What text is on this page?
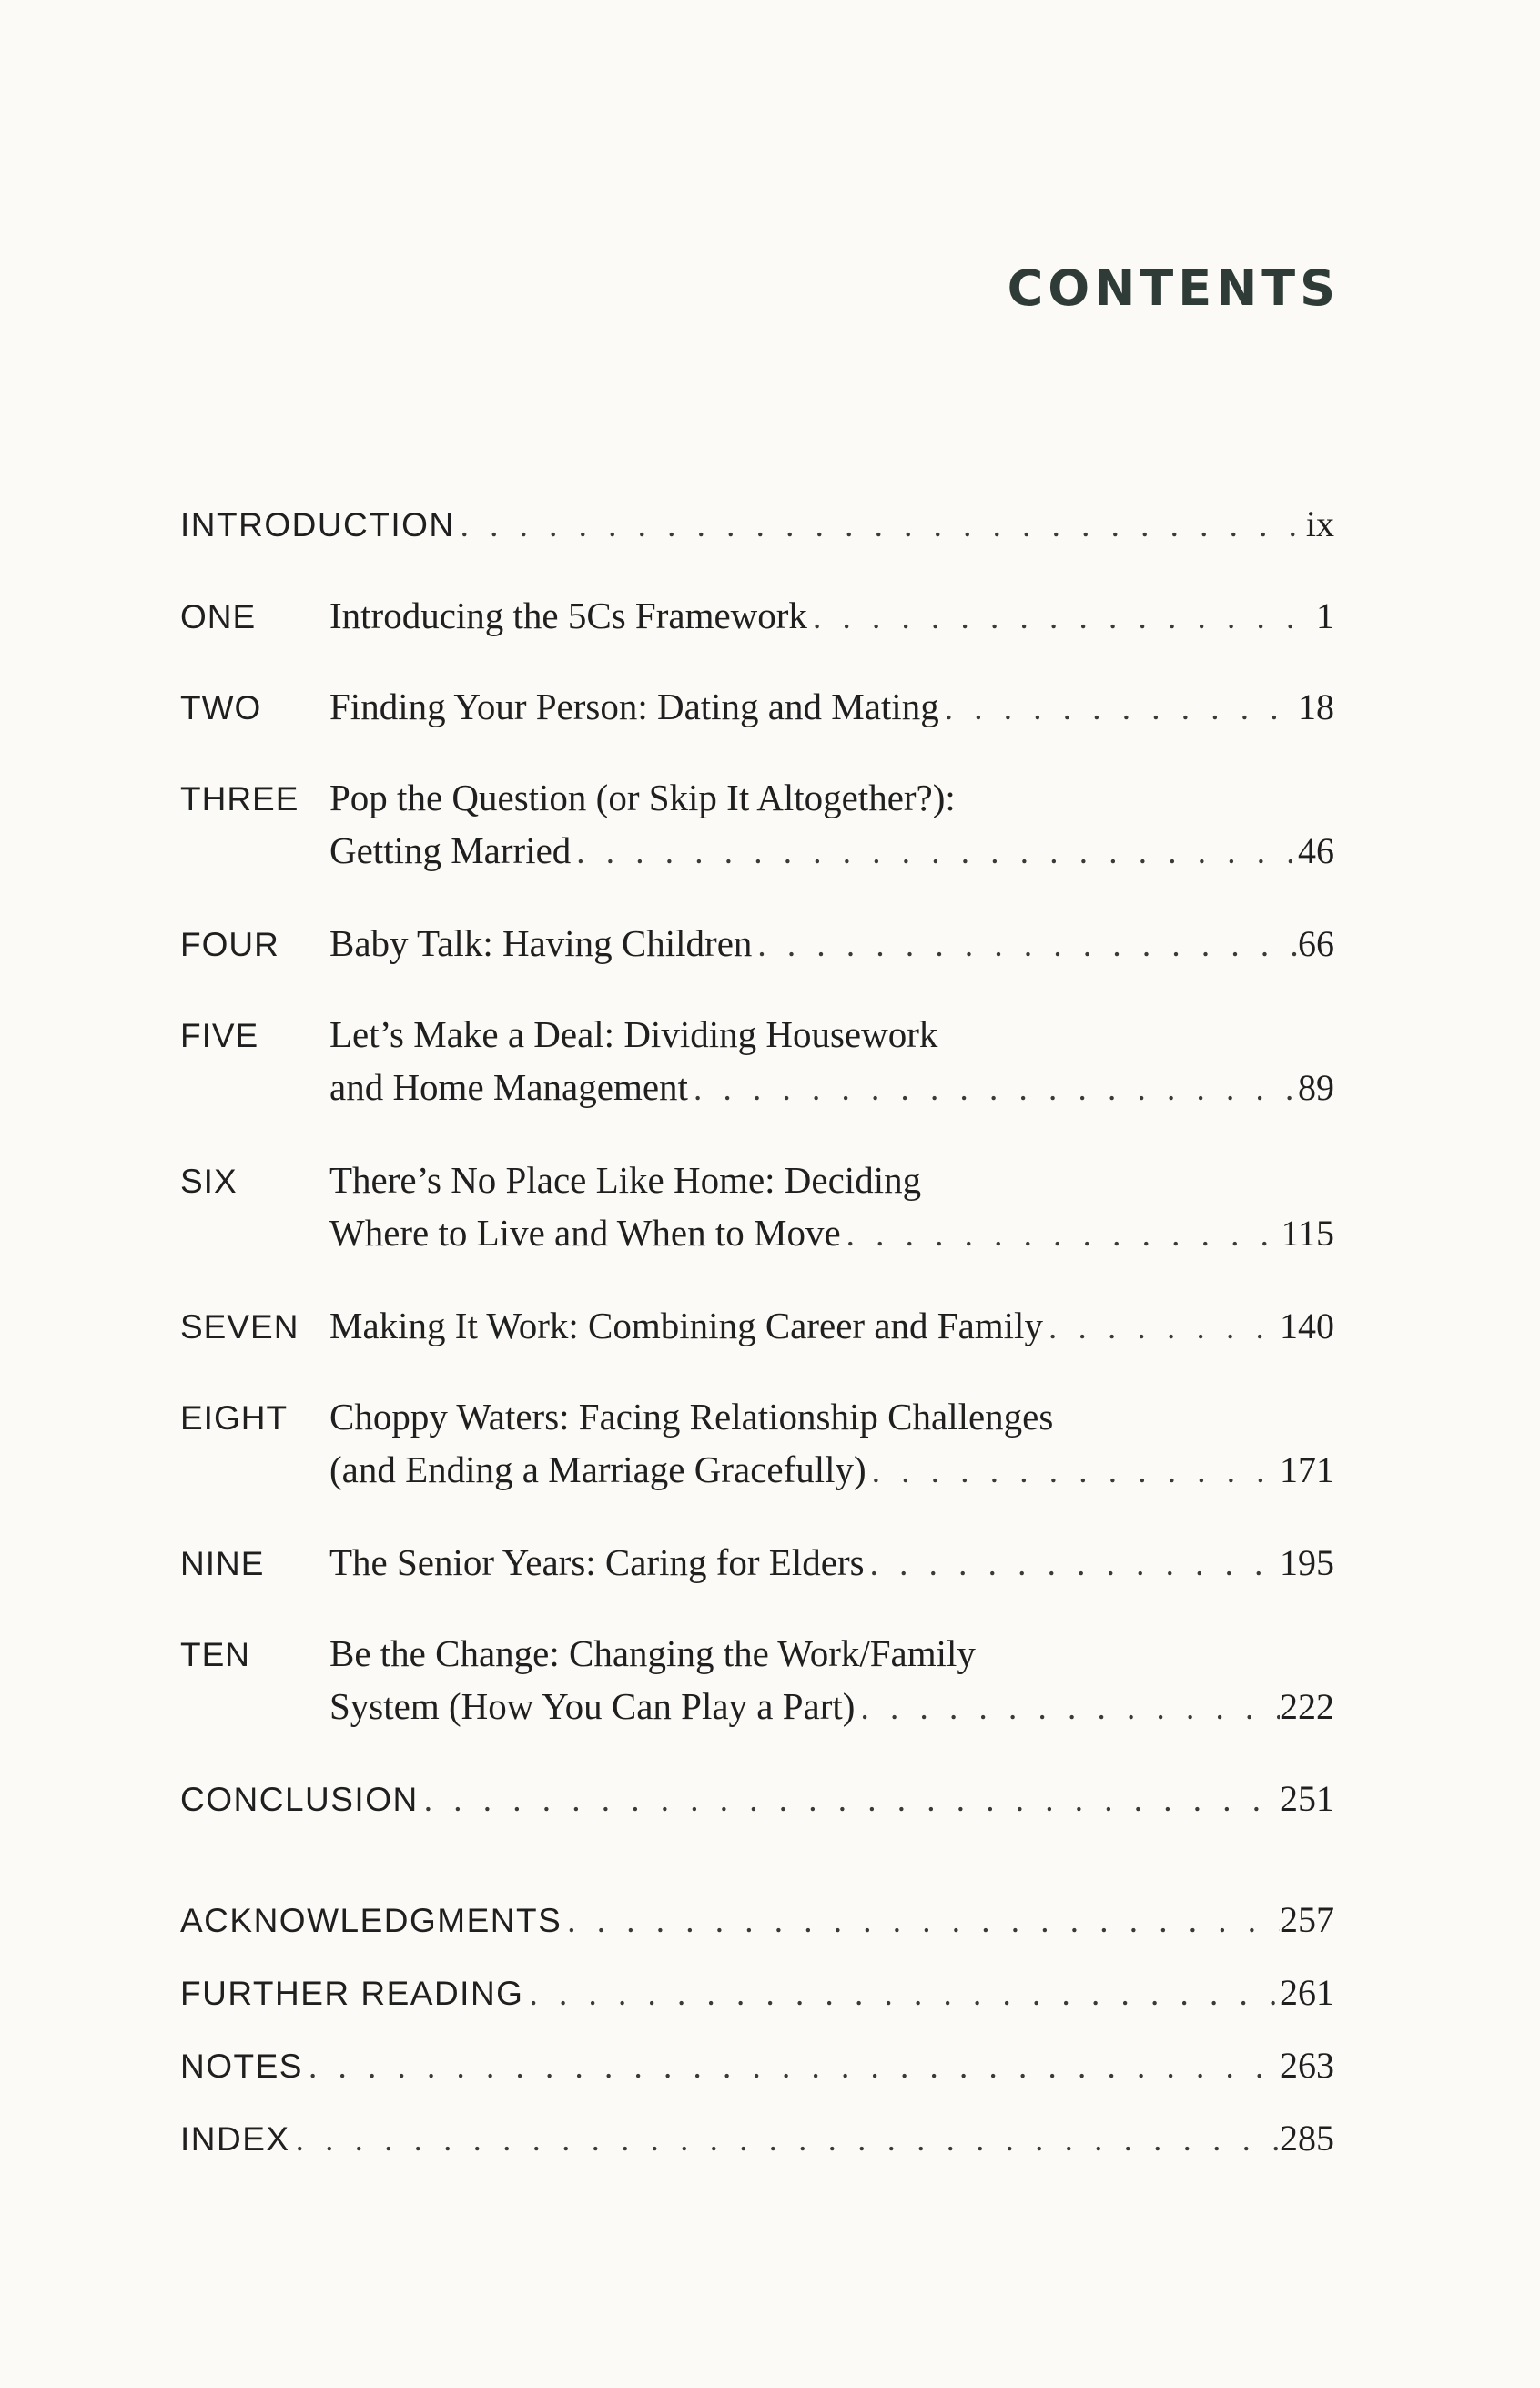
CONTENTS
INTRODUCTION . . .	ix
ONE	Introducing the 5Cs Framework . . .	1
TWO	Finding Your Person: Dating and Mating . . .	18
THREE Pop the Question (or Skip It Altogether?):
Getting Married . . .	46
FOUR	Baby Talk: Having Children . . .	66
FIVE	Let’s Make a Deal: Dividing Housework
and Home Management . . .	89
SIX	There’s No Place Like Home: Deciding
Where to Live and When to Move . . .	115
SEVEN Making It Work: Combining Career and Family . . .	140
EIGHT	Choppy Waters: Facing Relationship Challenges
(and Ending a Marriage Gracefully) . . .	171
NINE	The Senior Years: Caring for Elders . . .	195
TEN	Be the Change: Changing the Work/Family
System (How You Can Play a Part) . . .	222
CONCLUSION . . .	251
ACKNOWLEDGMENTS . . .	257
FURTHER READING . . .	261
NOTES . . .	263
INDEX . . .	285
